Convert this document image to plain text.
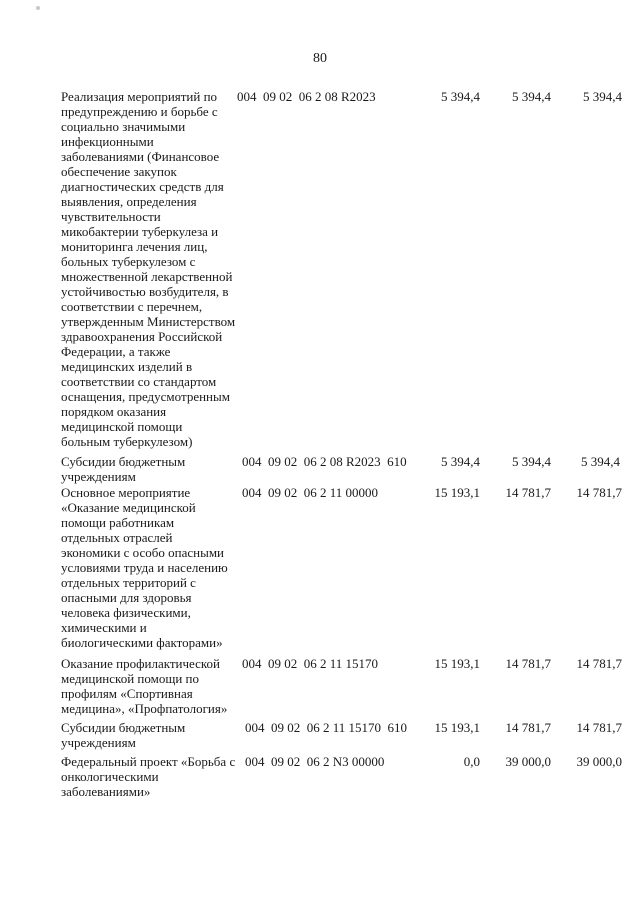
80
Реализация мероприятий по
предупреждению и борьбе с
социально значимыми
инфекционными
заболеваниями (Финансовое
обеспечение закупок
диагностических средств для
выявления, определения
чувствительности
микобактерии туберкулеза и
мониторинга лечения лиц,
больных туберкулезом с
множественной лекарственной
устойчивостью возбудителя, в
соответствии с перечнем,
утвержденным Министерством
здравоохранения Российской
Федерации, а также
медицинских изделий в
соответствии со стандартом
оснащения, предусмотренным
порядком оказания
медицинской помощи
больным туберкулезом)
004 09 02 06 2 08 R2023	5 394,4 5 394,4 5 394,4
Субсидии бюджетным
учреждениям
004 09 02 06 2 08 R2023 610	5 394,4 5 394,4 5 394,4
Основное мероприятие
«Оказание медицинской
помощи работникам
отдельных отраслей
экономики с особо опасными
условиями труда и населению
отдельных территорий с
опасными для здоровья
человека физическими,
химическими и
биологическими факторами»
004 09 02 06 2 11 00000	15 193,1 14 781,7 14 781,7
Оказание профилактической
медицинской помощи по
профилям «Спортивная
медицина», «Профпатология»
004 09 02 06 2 11 15170	15 193,1 14 781,7 14 781,7
Субсидии бюджетным
учреждениям
004 09 02 06 2 11 15170 610 15 193,1 14 781,7 14 781,7
Федеральный проект «Борьба с
онкологическими
заболеваниями»
004 09 02 06 2 N3 00000	0,0 39 000,0 39 000,0
